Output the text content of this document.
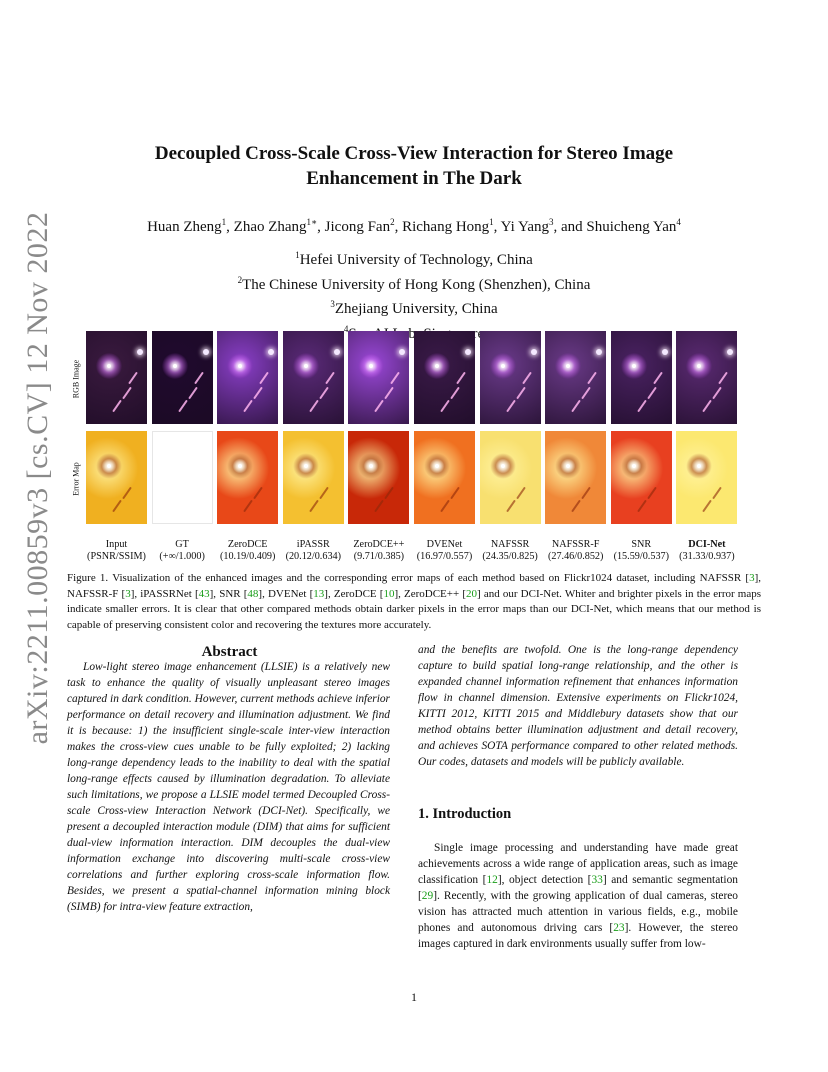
arXiv:2211.00859v3 [cs.CV] 12 Nov 2022
Decoupled Cross-Scale Cross-View Interaction for Stereo Image
Enhancement in The Dark
Huan Zheng$^1$, Zhao Zhang$^{1∗}$, Jicong Fan$^2$, Richang Hong$^1$, Yi Yang$^3$, and Shuicheng Yan$^4$
$^1$Hefei University of Technology, China
$^2$The Chinese University of Hong Kong (Shenzhen), China
$^3$Zhejiang University, China
$^4$
RGB Image
Error Map
Input
(PSNR/SSIM)
GT
(+∞/1.000)
ZeroDCE
(10.19/0.409)
iPASSR
(20.12/0.634)
ZeroDCE++
(9.71/0.385)
DVENet
(16.97/0.557)
NAFSSR
(24.35/0.825)
NAFSSR-F
(27.46/0.852)
SNR
(15.59/0.537)
DCI-Net
(31.33/0.937)
Figure 1. Visualization of the enhanced images and the corresponding error maps of each method based on Flickr1024 dataset, including NAFSSR [3], NAFSSR-F [3], iPASSRNet [43], SNR [48], DVENet [13], ZeroDCE [10], ZeroDCE++ [20] and our DCI-Net. Whiter and brighter pixels in the error maps indicate smaller errors. It is clear that other compared methods obtain darker pixels in the error maps than our DCI-Net, which means that our method is capable of preserving consistent color and recovering the textures more accurately.
Abstract
Low-light stereo image enhancement (LLSIE) is a relatively new task to enhance the quality of visually unpleasant stereo images captured in dark condition. However, current methods achieve inferior performance on detail recovery and illumination adjustment. We find it is because: 1) the insufficient single-scale inter-view interaction makes the cross-view cues unable to be fully exploited; 2) lacking long-range dependency leads to the inability to deal with the spatial long-range effects caused by illumination degradation. To alleviate such limitations, we propose a LLSIE model termed Decoupled Cross-scale Cross-view Interaction Network (DCI-Net). Specifically, we present a decoupled interaction module (DIM) that aims for sufficient dual-view information interaction. DIM decouples the dual-view information exchange into discovering multi-scale cross-view correlations and further exploring cross-scale information flow. Besides, we present a spatial-channel information mining block (SIMB) for intra-view feature extraction,
and the benefits are twofold. One is the long-range dependency capture to build spatial long-range relationship, and the other is expanded channel information refinement that enhances information flow in channel dimension. Extensive experiments on Flickr1024, KITTI 2012, KITTI 2015 and Middlebury datasets show that our method obtains better illumination adjustment and detail recovery, and achieves SOTA performance compared to other related methods. Our codes, datasets and models will be publicly available.
1. Introduction
Single image processing and understanding have made great achievements across a wide range of application areas, such as image classification [12], object detection [33] and semantic segmentation [29]. Recently, with the growing application of dual cameras, stereo vision has attracted much attention in various fields, e.g., mobile phones and autonomous driving cars [23]. However, the stereo images captured in dark environments usually suffer from low-
1
